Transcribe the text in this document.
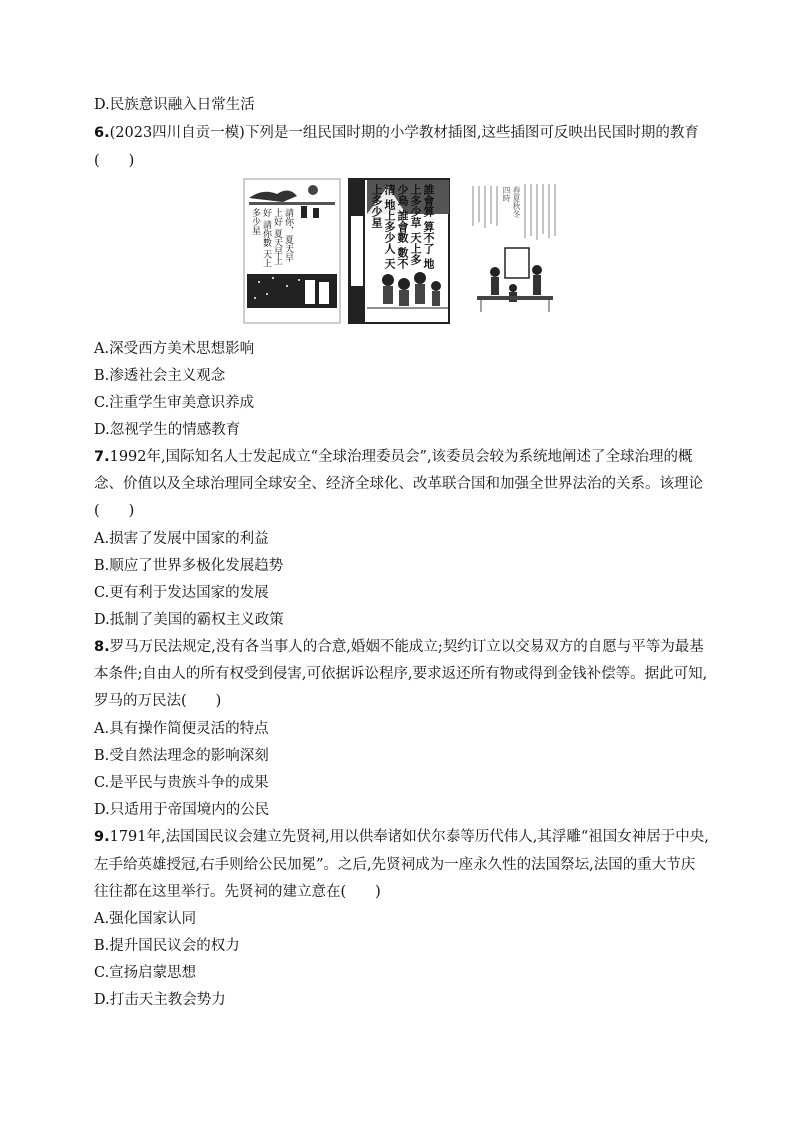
D.民族意识融入日常生活
6.(2023四川自贡一模)下列是一组民国时期的小学教材插图,这些插图可反映出民国时期的教育
(　　)
請你，夏天早上好 夏天早上好 請你數 天上多少星	誰會算 算不了 地上多少草 天上多少鳥 誰會數 數不清 地上多少人 天上多少星	春夏秋冬 四時
A.深受西方美术思想影响
B.渗透社会主义观念
C.注重学生审美意识养成
D.忽视学生的情感教育
7.1992年,国际知名人士发起成立“全球治理委员会”,该委员会较为系统地阐述了全球治理的概
念、价值以及全球治理同全球安全、经济全球化、改革联合国和加强全世界法治的关系。该理论
(　　)
A.损害了发展中国家的利益
B.顺应了世界多极化发展趋势
C.更有利于发达国家的发展
D.抵制了美国的霸权主义政策
8.罗马万民法规定,没有各当事人的合意,婚姻不能成立;契约订立以交易双方的自愿与平等为最基
本条件;自由人的所有权受到侵害,可依据诉讼程序,要求返还所有物或得到金钱补偿等。据此可知,
罗马的万民法(　　)
A.具有操作简便灵活的特点
B.受自然法理念的影响深刻
C.是平民与贵族斗争的成果
D.只适用于帝国境内的公民
9.1791年,法国国民议会建立先贤祠,用以供奉诸如伏尔泰等历代伟人,其浮雕“祖国女神居于中央,
左手给英雄授冠,右手则给公民加冕”。之后,先贤祠成为一座永久性的法国祭坛,法国的重大节庆
往往都在这里举行。先贤祠的建立意在(　　)
A.强化国家认同
B.提升国民议会的权力
C.宣扬启蒙思想
D.打击天主教会势力
